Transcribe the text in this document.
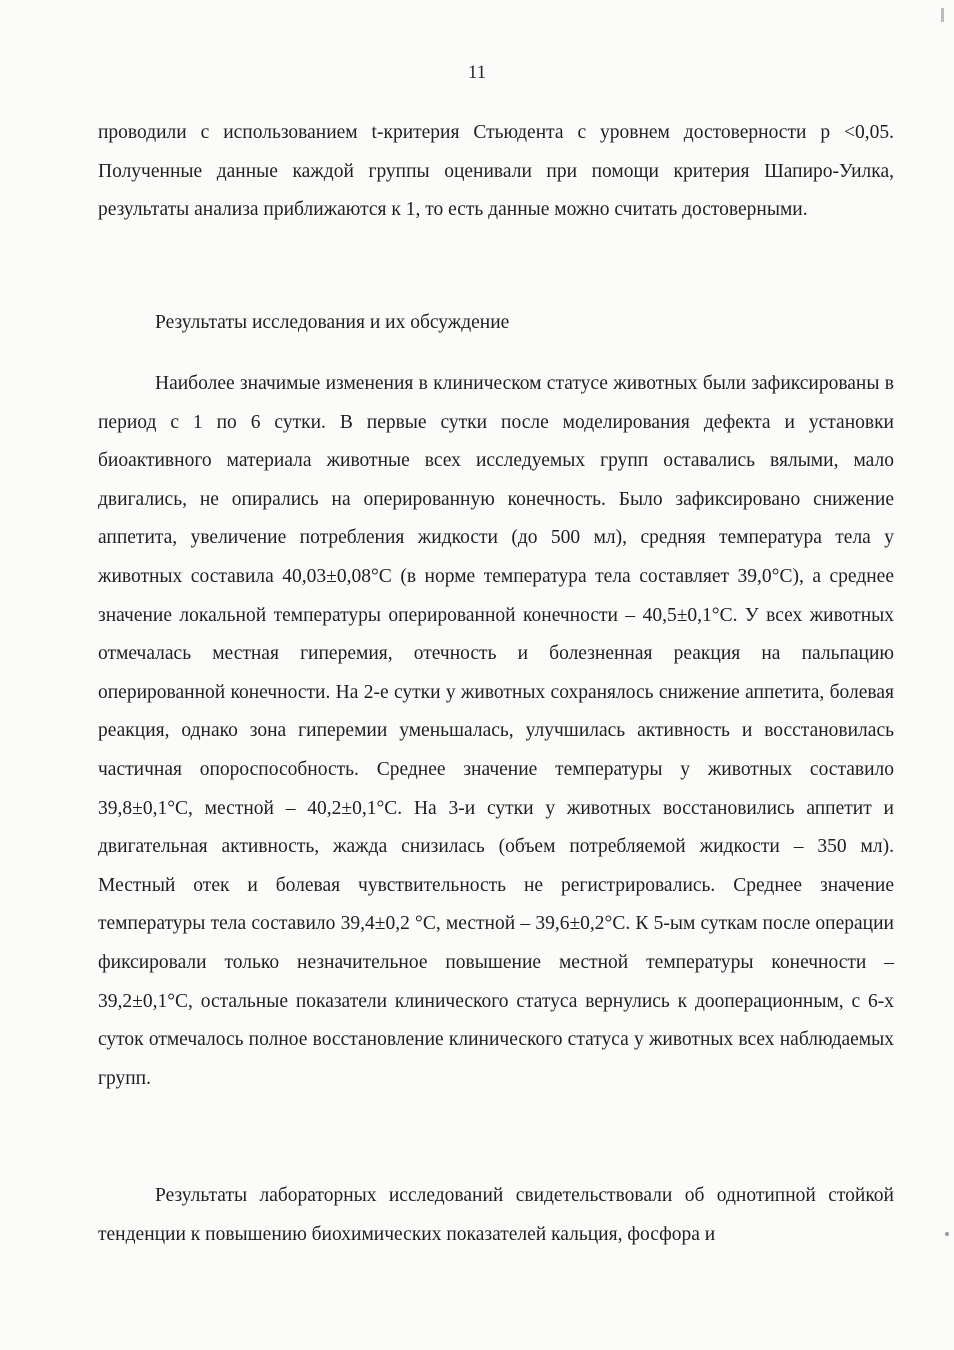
11

проводили с использованием t-критерия Стьюдента с уровнем достоверности р <0,05. Полученные данные каждой группы оценивали при помощи критерия Шапиро-Уилка, результаты анализа приближаются к 1, то есть данные можно считать достоверными.

Результаты исследования и их обсуждение

Наиболее значимые изменения в клиническом статусе животных были зафиксированы в период с 1 по 6 сутки. В первые сутки после моделирования дефекта и установки биоактивного материала животные всех исследуемых групп оставались вялыми, мало двигались, не опирались на оперированную конечность. Было зафиксировано снижение аппетита, увеличение потребления жидкости (до 500 мл), средняя температура тела у животных составила 40,03±0,08°С (в норме температура тела составляет 39,0°С), а среднее значение локальной температуры оперированной конечности – 40,5±0,1°С. У всех животных отмечалась местная гиперемия, отечность и болезненная реакция на пальпацию оперированной конечности. На 2-е сутки у животных сохранялось снижение аппетита, болевая реакция, однако зона гиперемии уменьшалась, улучшилась активность и восстановилась частичная опороспособность. Среднее значение температуры у животных составило 39,8±0,1°С, местной – 40,2±0,1°С. На 3-и сутки у животных восстановились аппетит и двигательная активность, жажда снизилась (объем потребляемой жидкости – 350 мл). Местный отек и болевая чувствительность не регистрировались. Среднее значение температуры тела составило 39,4±0,2 °С, местной – 39,6±0,2°С. К 5-ым суткам после операции фиксировали только незначительное повышение местной температуры конечности – 39,2±0,1°С, остальные показатели клинического статуса вернулись к дооперационным, с 6-х суток отмечалось полное восстановление клинического статуса у животных всех наблюдаемых групп.

Результаты лабораторных исследований свидетельствовали об однотипной стойкой тенденции к повышению биохимических показателей кальция, фосфора и
